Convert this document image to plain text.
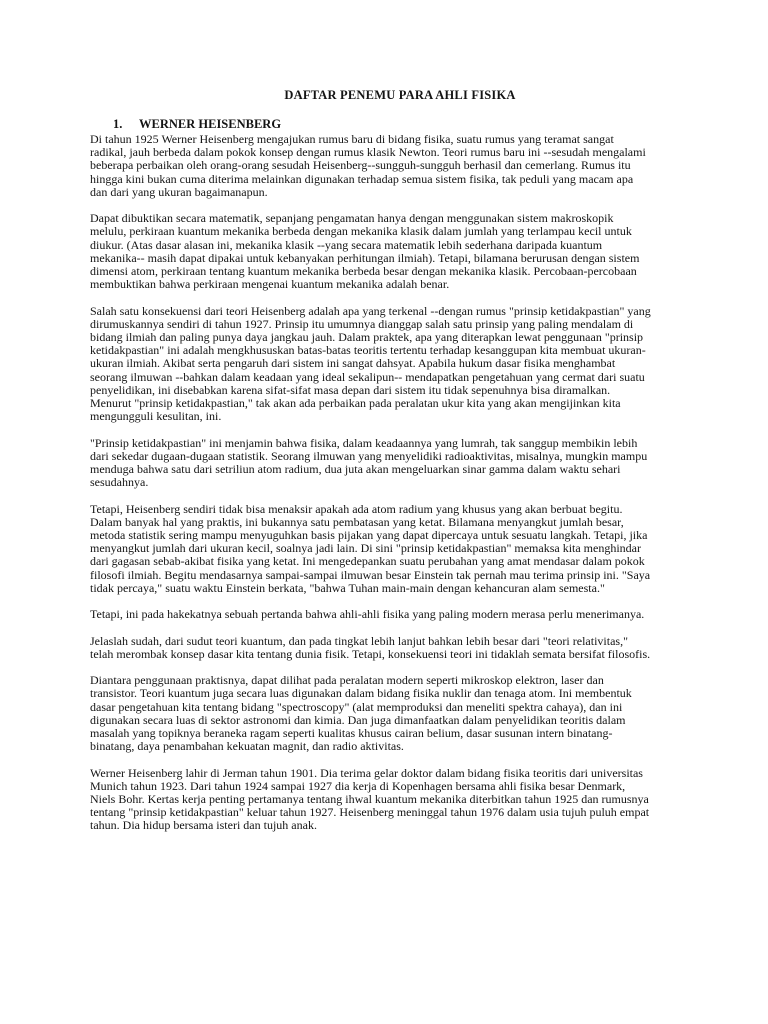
DAFTAR PENEMU PARA AHLI FISIKA
1. WERNER HEISENBERG
Di tahun 1925 Werner Heisenberg mengajukan rumus baru di bidang fisika, suatu rumus yang teramat sangat
radikal, jauh berbeda dalam pokok konsep dengan rumus klasik Newton. Teori rumus baru ini --sesudah mengalami
beberapa perbaikan oleh orang-orang sesudah Heisenberg--sungguh-sungguh berhasil dan cemerlang. Rumus itu
hingga kini bukan cuma diterima melainkan digunakan terhadap semua sistem fisika, tak peduli yang macam apa
dan dari yang ukuran bagaimanapun.
Dapat dibuktikan secara matematik, sepanjang pengamatan hanya dengan menggunakan sistem makroskopik
melulu, perkiraan kuantum mekanika berbeda dengan mekanika klasik dalam jumlah yang terlampau kecil untuk
diukur. (Atas dasar alasan ini, mekanika klasik --yang secara matematik lebih sederhana daripada kuantum
mekanika-- masih dapat dipakai untuk kebanyakan perhitungan ilmiah). Tetapi, bilamana berurusan dengan sistem
dimensi atom, perkiraan tentang kuantum mekanika berbeda besar dengan mekanika klasik. Percobaan-percobaan
membuktikan bahwa perkiraan mengenai kuantum mekanika adalah benar.
Salah satu konsekuensi dari teori Heisenberg adalah apa yang terkenal --dengan rumus "prinsip ketidakpastian" yang
dirumuskannya sendiri di tahun 1927. Prinsip itu umumnya dianggap salah satu prinsip yang paling mendalam di
bidang ilmiah dan paling punya daya jangkau jauh. Dalam praktek, apa yang diterapkan lewat penggunaan "prinsip
ketidakpastian" ini adalah mengkhususkan batas-batas teoritis tertentu terhadap kesanggupan kita membuat ukuran-
ukuran ilmiah. Akibat serta pengaruh dari sistem ini sangat dahsyat. Apabila hukum dasar fisika menghambat
seorang ilmuwan --bahkan dalam keadaan yang ideal sekalipun-- mendapatkan pengetahuan yang cermat dari suatu
penyelidikan, ini disebabkan karena sifat-sifat masa depan dari sistem itu tidak sepenuhnya bisa diramalkan.
Menurut "prinsip ketidakpastian," tak akan ada perbaikan pada peralatan ukur kita yang akan mengijinkan kita
mengungguli kesulitan, ini.
"Prinsip ketidakpastian" ini menjamin bahwa fisika, dalam keadaannya yang lumrah, tak sanggup membikin lebih
dari sekedar dugaan-dugaan statistik. Seorang ilmuwan yang menyelidiki radioaktivitas, misalnya, mungkin mampu
menduga bahwa satu dari setriliun atom radium, dua juta akan mengeluarkan sinar gamma dalam waktu sehari
sesudahnya.
Tetapi, Heisenberg sendiri tidak bisa menaksir apakah ada atom radium yang khusus yang akan berbuat begitu.
Dalam banyak hal yang praktis, ini bukannya satu pembatasan yang ketat. Bilamana menyangkut jumlah besar,
metoda statistik sering mampu menyuguhkan basis pijakan yang dapat dipercaya untuk sesuatu langkah. Tetapi, jika
menyangkut jumlah dari ukuran kecil, soalnya jadi lain. Di sini "prinsip ketidakpastian" memaksa kita menghindar
dari gagasan sebab-akibat fisika yang ketat. Ini mengedepankan suatu perubahan yang amat mendasar dalam pokok
filosofi ilmiah. Begitu mendasarnya sampai-sampai ilmuwan besar Einstein tak pernah mau terima prinsip ini. "Saya
tidak percaya," suatu waktu Einstein berkata, "bahwa Tuhan main-main dengan kehancuran alam semesta."
Tetapi, ini pada hakekatnya sebuah pertanda bahwa ahli-ahli fisika yang paling modern merasa perlu menerimanya.
Jelaslah sudah, dari sudut teori kuantum, dan pada tingkat lebih lanjut bahkan lebih besar dari "teori relativitas,"
telah merombak konsep dasar kita tentang dunia fisik. Tetapi, konsekuensi teori ini tidaklah semata bersifat filosofis.
Diantara penggunaan praktisnya, dapat dilihat pada peralatan modern seperti mikroskop elektron, laser dan
transistor. Teori kuantum juga secara luas digunakan dalam bidang fisika nuklir dan tenaga atom. Ini membentuk
dasar pengetahuan kita tentang bidang "spectroscopy" (alat memproduksi dan meneliti spektra cahaya), dan ini
digunakan secara luas di sektor astronomi dan kimia. Dan juga dimanfaatkan dalam penyelidikan teoritis dalam
masalah yang topiknya beraneka ragam seperti kualitas khusus cairan belium, dasar susunan intern binatang-
binatang, daya penambahan kekuatan magnit, dan radio aktivitas.
Werner Heisenberg lahir di Jerman tahun 1901. Dia terima gelar doktor dalam bidang fisika teoritis dari universitas
Munich tahun 1923. Dari tahun 1924 sampai 1927 dia kerja di Kopenhagen bersama ahli fisika besar Denmark,
Niels Bohr. Kertas kerja penting pertamanya tentang ihwal kuantum mekanika diterbitkan tahun 1925 dan rumusnya
tentang "prinsip ketidakpastian" keluar tahun 1927. Heisenberg meninggal tahun 1976 dalam usia tujuh puluh empat
tahun. Dia hidup bersama isteri dan tujuh anak.
